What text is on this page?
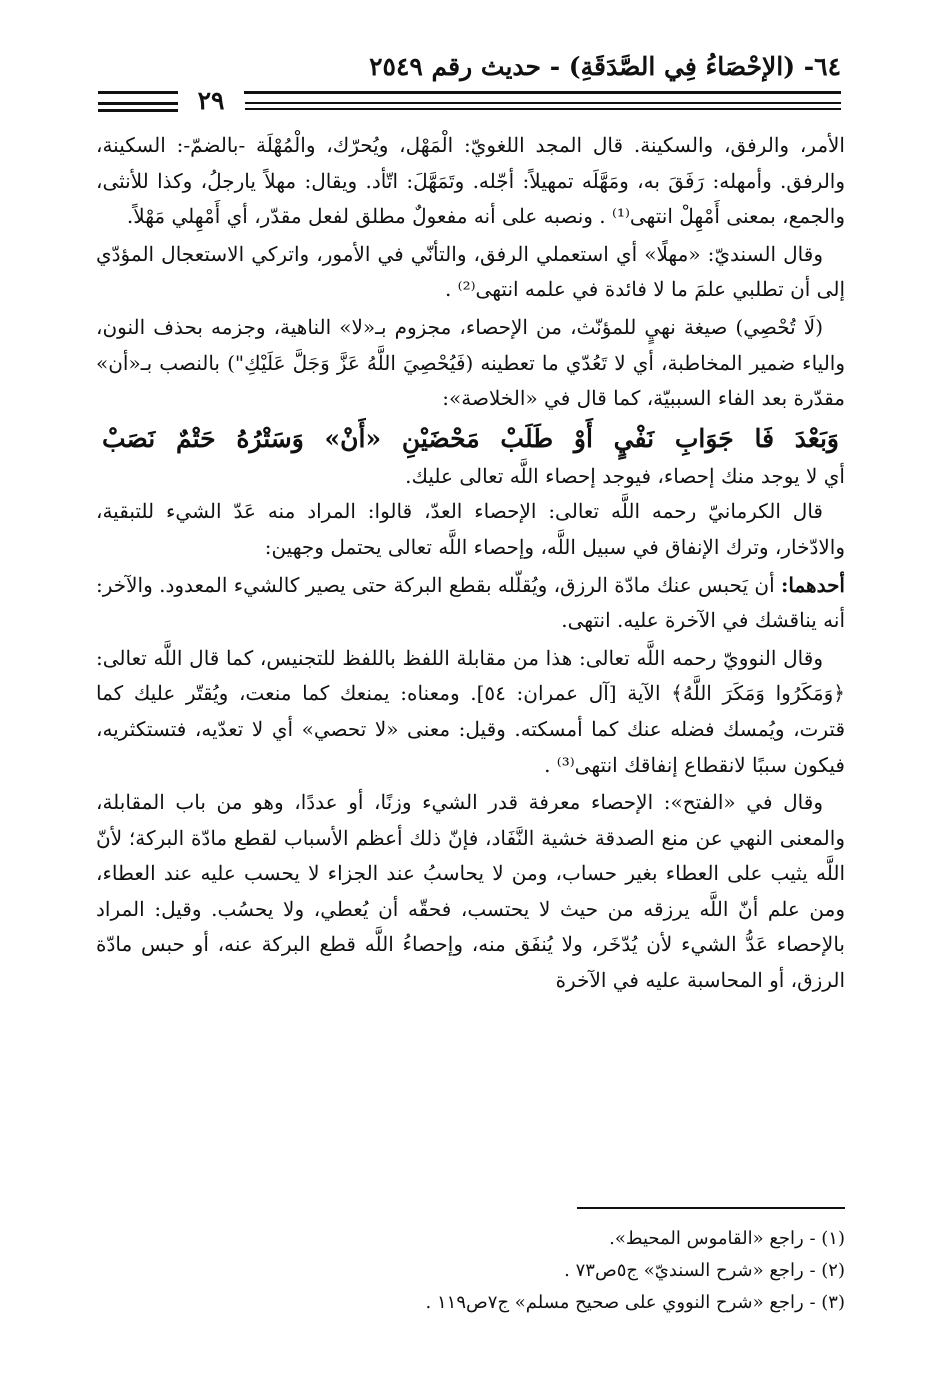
٦٤- (الإحْصَاءُ فِي الصَّدَقَةِ) - حديث رقم ٢٥٤٩
٢٩

الأمر، والرفق، والسكينة. قال المجد اللغويّ: الْمَهْل، ويُحرّك، والْمُهْلَة -بالضمّ-: السكينة، والرفق. وأمهله: رَفَقَ به، ومَهَّلَه تمهيلاً: أجّله. وتَمَهَّلَ: اتّأد. ويقال: مهلاً يارجلُ، وكذا للأنثى، والجمع، بمعنى أَمْهِلْ انتهى⁽¹⁾ . ونصبه على أنه مفعولٌ مطلق لفعل مقدّر، أي أَمْهِلي مَهْلاً.

وقال السنديّ: «مهلًا» أي استعملي الرفق، والتأنّي في الأمور، واتركي الاستعجال المؤدّي إلى أن تطلبي علمَ ما لا فائدة في علمه انتهى⁽²⁾ .

(لَا تُحْصِي) صيغة نهيٍ للمؤنّث، من الإحصاء، مجزوم بـ«لا» الناهية، وجزمه بحذف النون، والياء ضمير المخاطبة، أي لا تَعُدّي ما تعطينه (فَيُحْصِيَ اللَّهُ عَزَّ وَجَلَّ عَلَيْكِ") بالنصب بـ«أن» مقدّرة بعد الفاء السببيّة، كما قال في «الخلاصة»:

وَبَعْدَ فَا جَوَابِ نَفْيٍ أَوْ طَلَبْ مَحْضَيْنِ «أَنْ» وَسَتْرُهُ حَتْمٌ نَصَبْ

أي لا يوجد منك إحصاء، فيوجد إحصاء اللَّه تعالى عليك.

قال الكرمانيّ رحمه اللَّه تعالى: الإحصاء العدّ، قالوا: المراد منه عَدّ الشيء للتبقية، والادّخار، وترك الإنفاق في سبيل اللَّه، وإحصاء اللَّه تعالى يحتمل وجهين:

أحدهما: أن يَحبس عنك مادّة الرزق، ويُقلّله بقطع البركة حتى يصير كالشيء المعدود. والآخر: أنه يناقشك في الآخرة عليه. انتهى.

وقال النوويّ رحمه اللَّه تعالى: هذا من مقابلة اللفظ باللفظ للتجنيس، كما قال اللَّه تعالى: ﴿وَمَكَرُوا وَمَكَرَ اللَّهُ﴾ الآية [آل عمران: ٥٤]. ومعناه: يمنعك كما منعت، ويُقتّر عليك كما قترت، ويُمسك فضله عنك كما أمسكته. وقيل: معنى «لا تحصي» أي لا تعدّيه، فتستكثريه، فيكون سببًا لانقطاع إنفاقك انتهى⁽³⁾ .

وقال في «الفتح»: الإحصاء معرفة قدر الشيء وزنًا، أو عددًا، وهو من باب المقابلة، والمعنى النهي عن منع الصدقة خشية النَّفَاد، فإنّ ذلك أعظم الأسباب لقطع مادّة البركة؛ لأنّ اللَّه يثيب على العطاء بغير حساب، ومن لا يحاسبُ عند الجزاء لا يحسب عليه عند العطاء، ومن علم أنّ اللَّه يرزقه من حيث لا يحتسب، فحقّه أن يُعطي، ولا يحسُب. وقيل: المراد بالإحصاء عَدُّ الشيء لأن يُدّخَر، ولا يُنفَق منه، وإحصاءُ اللَّه قطع البركة عنه، أو حبس مادّة الرزق، أو المحاسبة عليه في الآخرة

(١) - راجع «القاموس المحيط».

(٢) - راجع «شرح السنديّ» ج٥ص٧٣ .

(٣) - راجع «شرح النووي على صحيح مسلم» ج٧ص١١٩ .
